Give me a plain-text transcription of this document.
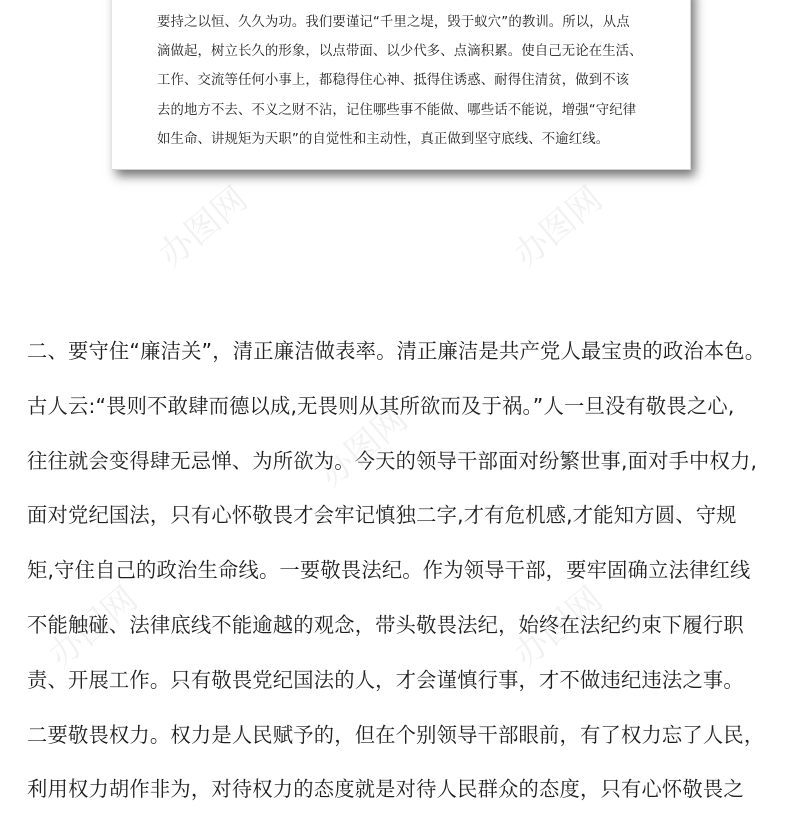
要持之以恒、久久为功。我们要谨记“千里之堤，毁于蚁穴”的教训。所以，从点
滴做起，树立长久的形象，以点带面、以少代多、点滴积累。使自己无论在生活、
工作、交流等任何小事上，都稳得住心神、抵得住诱惑、耐得住清贫，做到不该
去的地方不去、不义之财不沾，记住哪些事不能做、哪些话不能说，增强“守纪律
如生命、讲规矩为天职”的自觉性和主动性，真正做到坚守底线、不逾红线。
办图网	办图网
办图网
办图网	办图网
二、要守住“廉洁关”，清正廉洁做表率。清正廉洁是共产党人最宝贵的政治本色。
古人云:“畏则不敢肆而德以成,无畏则从其所欲而及于祸。”人一旦没有敬畏之心,
往往就会变得肆无忌惮、为所欲为。今天的领导干部面对纷繁世事,面对手中权力,
面对党纪国法，只有心怀敬畏才会牢记慎独二字,才有危机感,才能知方圆、守规
矩,守住自己的政治生命线。一要敬畏法纪。作为领导干部，要牢固确立法律红线
不能触碰、法律底线不能逾越的观念，带头敬畏法纪，始终在法纪约束下履行职
责、开展工作。只有敬畏党纪国法的人，才会谨慎行事，才不做违纪违法之事。
二要敬畏权力。权力是人民赋予的，但在个别领导干部眼前，有了权力忘了人民，
利用权力胡作非为，对待权力的态度就是对待人民群众的态度，只有心怀敬畏之
